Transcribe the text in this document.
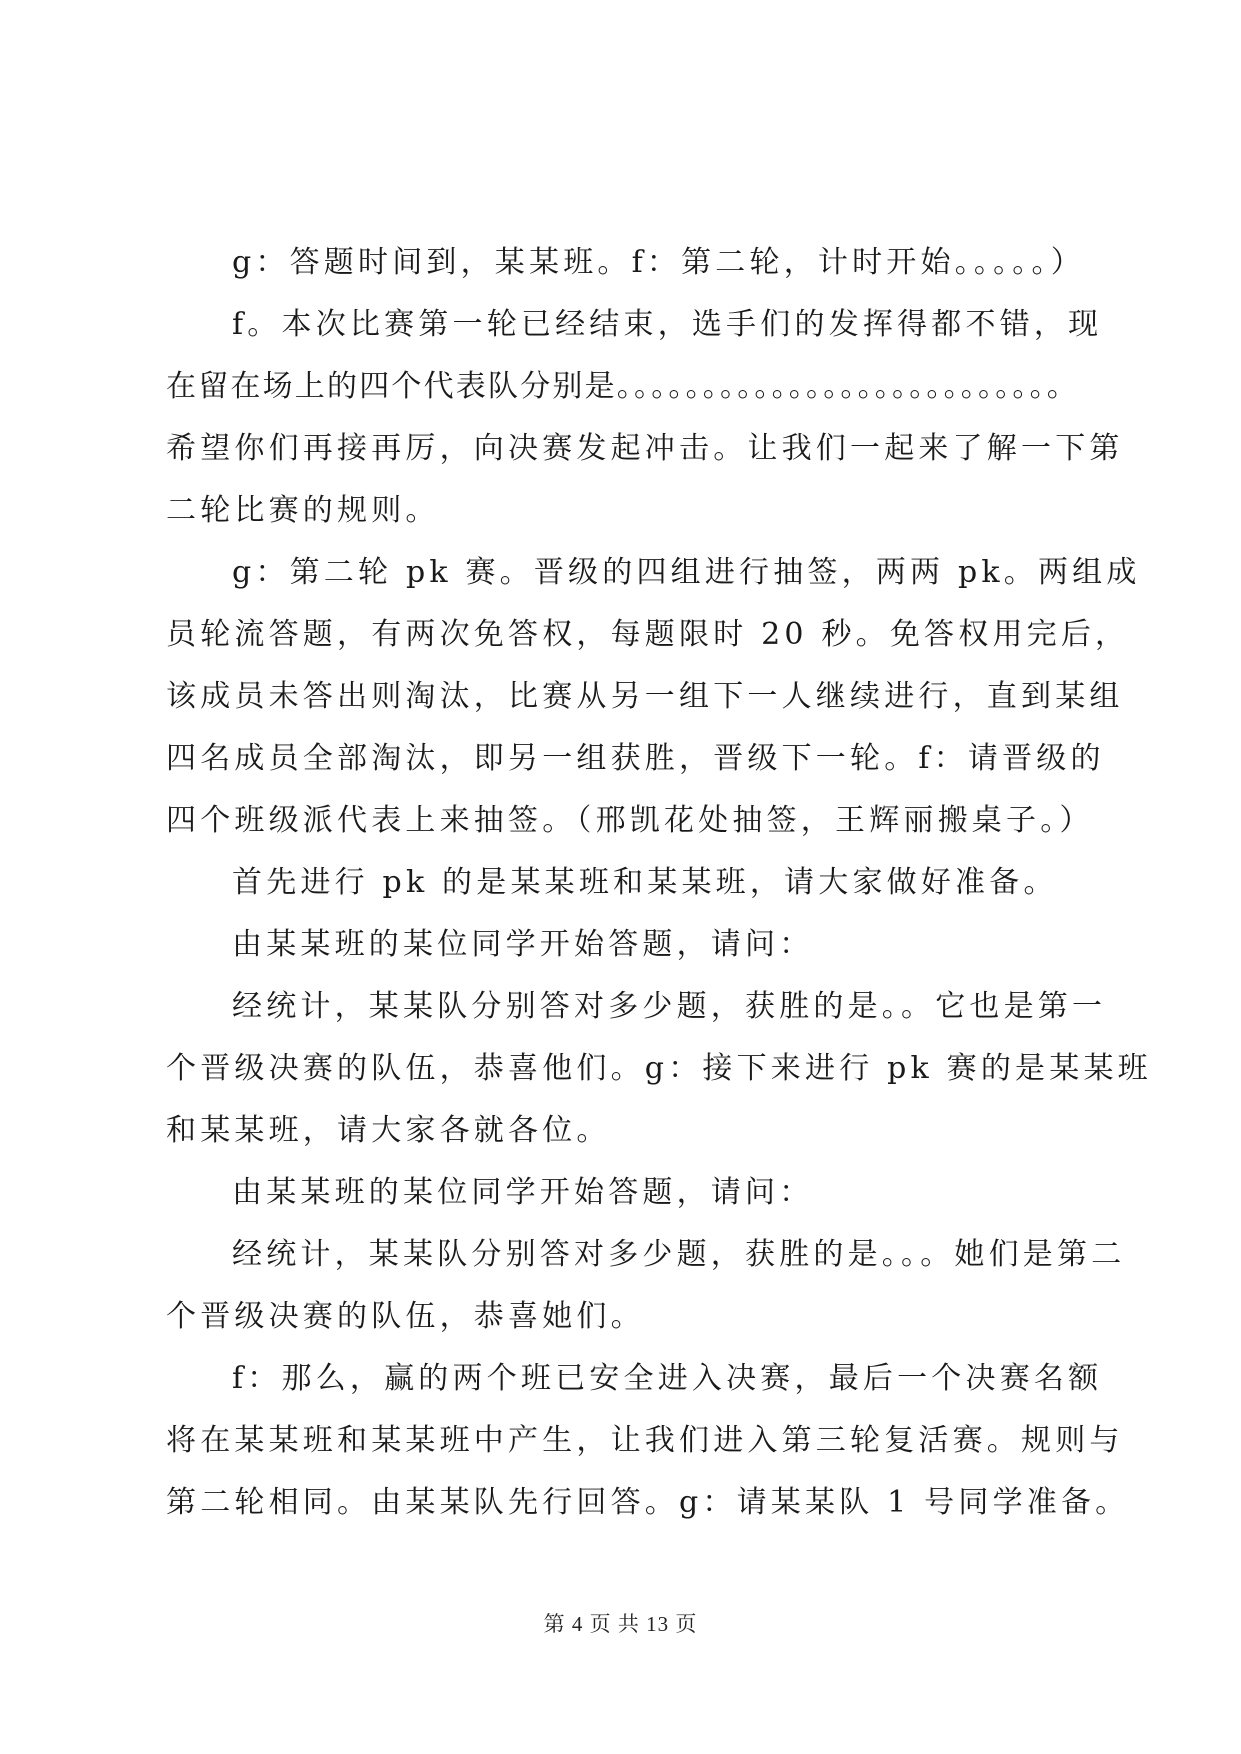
g：答题时间到，某某班。f：第二轮，计时开始。。。。。）
f。本次比赛第一轮已经结束，选手们的发挥得都不错，现
在留在场上的四个代表队分别是。。。。。。。。。。。。。。。。。。。。。。。。。。
希望你们再接再厉，向决赛发起冲击。让我们一起来了解一下第
二轮比赛的规则。
g：第二轮 pk 赛。晋级的四组进行抽签，两两 pk。两组成
员轮流答题，有两次免答权，每题限时 20 秒。免答权用完后，
该成员未答出则淘汰，比赛从另一组下一人继续进行，直到某组
四名成员全部淘汰，即另一组获胜，晋级下一轮。f：请晋级的
四个班级派代表上来抽签。（邢凯花处抽签，王辉丽搬桌子。）
首先进行 pk 的是某某班和某某班，请大家做好准备。
由某某班的某位同学开始答题，请问：
经统计，某某队分别答对多少题，获胜的是。。它也是第一
个晋级决赛的队伍，恭喜他们。g：接下来进行 pk 赛的是某某班
和某某班，请大家各就各位。
由某某班的某位同学开始答题，请问：
经统计，某某队分别答对多少题，获胜的是。。。她们是第二
个晋级决赛的队伍，恭喜她们。
f：那么，赢的两个班已安全进入决赛，最后一个决赛名额
将在某某班和某某班中产生，让我们进入第三轮复活赛。规则与
第二轮相同。由某某队先行回答。g：请某某队 1 号同学准备。
第 4 页 共 13 页
